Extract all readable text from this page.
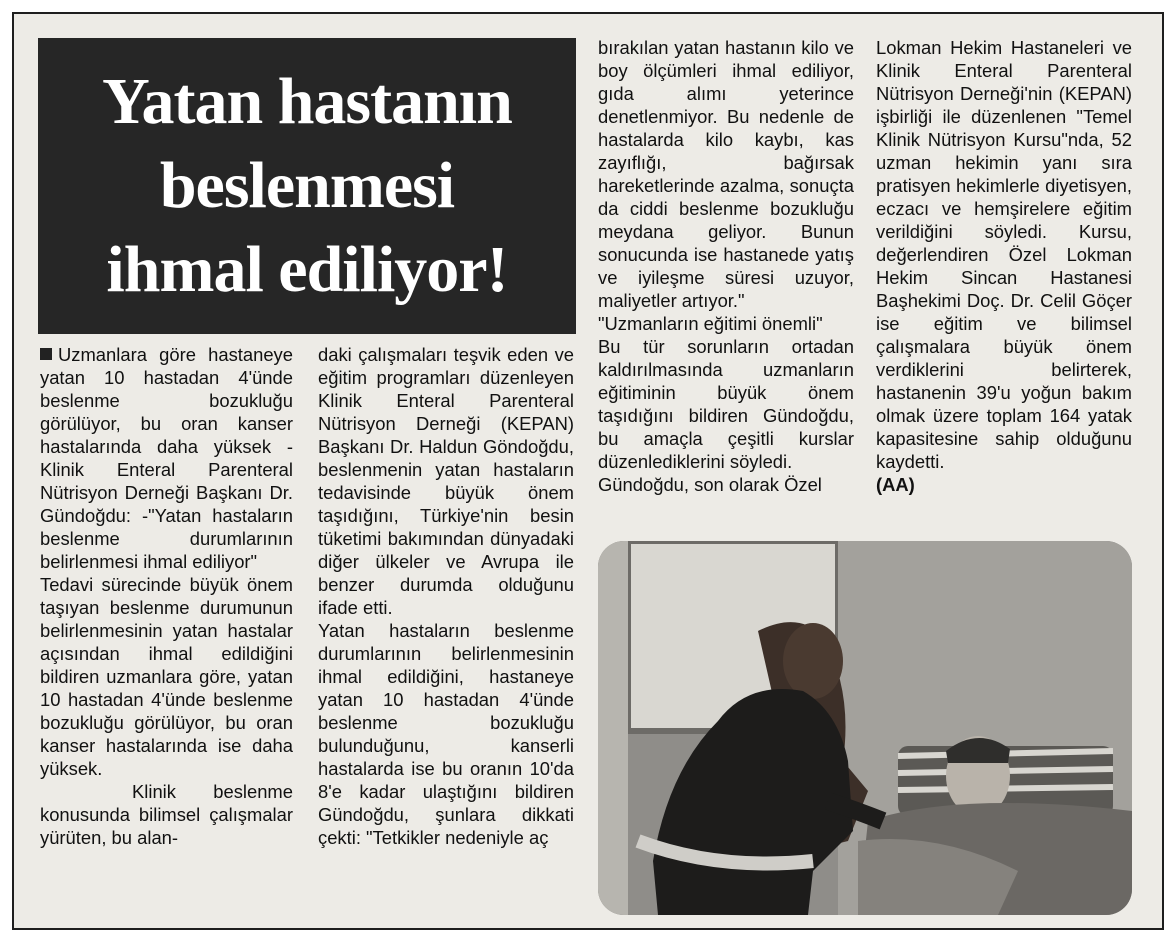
Yatan hastanın
beslenmesi
ihmal ediliyor!

Uzmanlara göre hastaneye yatan 10 hastadan 4'ünde beslenme bozukluğu görülüyor, bu oran kanser hastalarında daha yüksek - Klinik Enteral Parenteral Nütrisyon Derneği Başkanı Dr. Gündoğdu: -"Yatan hastaların beslenme durumlarının belirlenmesi ihmal ediliyor"

Tedavi sürecinde büyük önem taşıyan beslenme durumunun belirlenmesinin yatan hastalar açısından ihmal edildiğini bildiren uzmanlara göre, yatan 10 hastadan 4'ünde beslenme bozukluğu görülüyor, bu oran kanser hastalarında ise daha yüksek.

Klinik beslenme konusunda bilimsel çalışmalar yürüten, bu alan-

daki çalışmaları teşvik eden ve eğitim programları düzenleyen Klinik Enteral Parenteral Nütrisyon Derneği (KEPAN) Başkanı Dr. Haldun Göndoğdu, beslenmenin yatan hastaların tedavisinde büyük önem taşıdığını, Türkiye'nin besin tüketimi bakımından dünyadaki diğer ülkeler ve Avrupa ile benzer durumda olduğunu ifade etti.

Yatan hastaların beslenme durumlarının belirlenmesinin ihmal edildiğini, hastaneye yatan 10 hastadan 4'ünde beslenme bozukluğu bulunduğunu, kanserli hastalarda ise bu oranın 10'da 8'e kadar ulaştığını bildiren Gündoğdu, şunlara dikkati çekti: "Tetkikler nedeniyle aç

bırakılan yatan hastanın kilo ve boy ölçümleri ihmal ediliyor, gıda alımı yeterince denetlenmiyor. Bu nedenle de hastalarda kilo kaybı, kas zayıflığı, bağırsak hareketlerinde azalma, sonuçta da ciddi beslenme bozukluğu meydana geliyor. Bunun sonucunda ise hastanede yatış ve iyileşme süresi uzuyor, maliyetler artıyor."

"Uzmanların eğitimi önemli"

Bu tür sorunların ortadan kaldırılmasında uzmanların eğitiminin büyük önem taşıdığını bildiren Gündoğdu, bu amaçla çeşitli kurslar düzenlediklerini söyledi.

Gündoğdu, son olarak Özel

Lokman Hekim Hastaneleri ve Klinik Enteral Parenteral Nütrisyon Derneği'nin (KEPAN) işbirliği ile düzenlenen "Temel Klinik Nütrisyon Kursu"nda, 52 uzman hekimin yanı sıra pratisyen hekimlerle diyetisyen, eczacı ve hemşirelere eğitim verildiğini söyledi. Kursu, değerlendiren Özel Lokman Hekim Sincan Hastanesi Başhekimi Doç. Dr. Celil Göçer ise eğitim ve bilimsel çalışmalara büyük önem verdiklerini belirterek, hastanenin 39'u yoğun bakım olmak üzere toplam 164 yatak kapasitesine sahip olduğunu kaydetti.

(AA)
